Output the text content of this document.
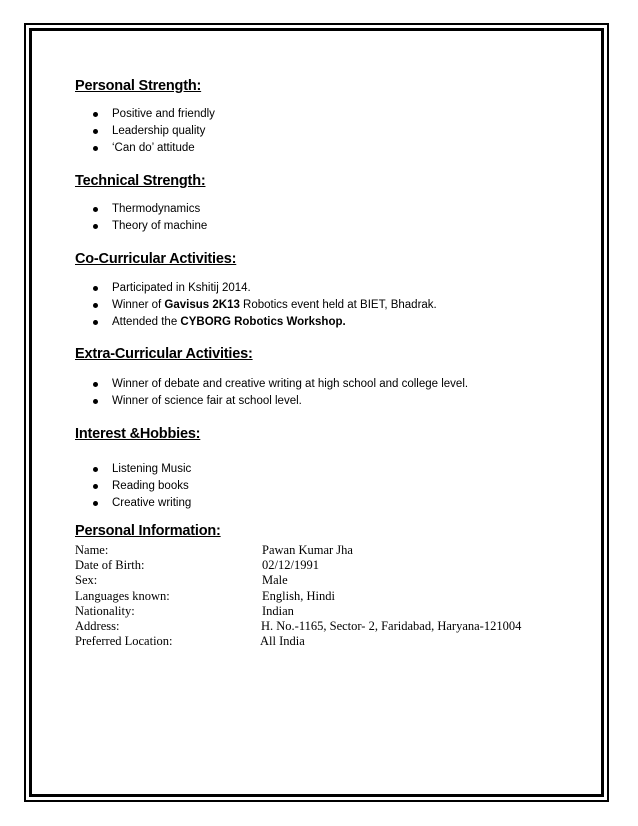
Personal Strength:
Positive and friendly
Leadership quality
‘Can do’ attitude
Technical Strength:
Thermodynamics
Theory of machine
Co-Curricular Activities:
Participated in Kshitij 2014.
Winner of Gavisus 2K13 Robotics event held at BIET, Bhadrak.
Attended the CYBORG Robotics Workshop.
Extra-Curricular Activities:
Winner of debate and creative writing at high school and college level.
Winner of science fair at school level.
Interest &Hobbies:
Listening Music
Reading books
Creative writing
Personal Information:
Name:	Pawan Kumar Jha
Date of Birth:	02/12/1991
Sex:	Male
Languages known:	English, Hindi
Nationality:	Indian
Address:	H. No.-1165, Sector- 2, Faridabad, Haryana-121004
Preferred Location:	All India
